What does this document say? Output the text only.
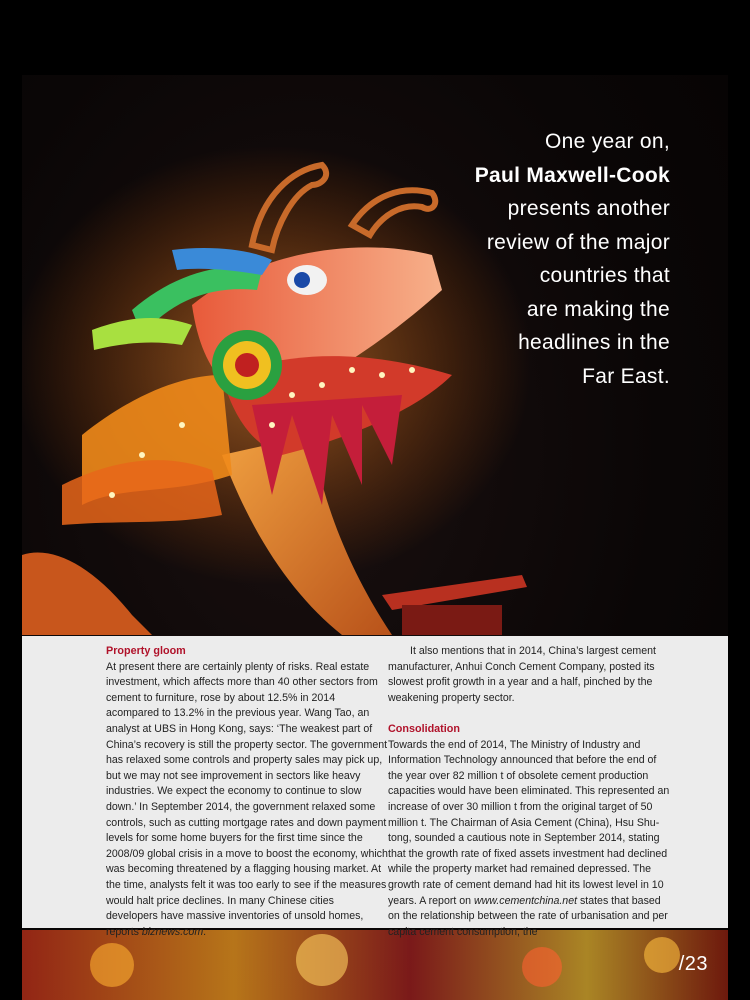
One year on,
Paul Maxwell-Cook
presents another
review of the major
countries that
are making the
headlines in the
Far East.
Property gloom

At present there are certainly plenty of risks. Real estate investment, which affects more than 40 other sectors from cement to furniture, rose by about 12.5% in 2014 acompared to 13.2% in the previous year. Wang Tao, an analyst at UBS in Hong Kong, says: ‘The weakest part of China’s recovery is still the property sector. The government has relaxed some controls and property sales may pick up, but we may not see improvement in sectors like heavy industries. We expect the economy to continue to slow down.’ In September 2014, the government relaxed some controls, such as cutting mortgage rates and down payment levels for some home buyers for the first time since the 2008/09 global crisis in a move to boost the economy, which was becoming threatened by a flagging housing market. At the time, analysts felt it was too early to see if the measures would halt price declines. In many Chinese cities developers have massive inventories of unsold homes, reports biznews.com.

It also mentions that in 2014, China’s largest cement manufacturer, Anhui Conch Cement Company, posted its slowest profit growth in a year and a half, pinched by the weakening property sector.

Consolidation

Towards the end of 2014, The Ministry of Industry and Information Technology announced that before the end of the year over 82 million t of obsolete cement production capacities would have been eliminated. This represented an increase of over 30 million t from the original target of 50 million t. The Chairman of Asia Cement (China), Hsu Shu-tong, sounded a cautious note in September 2014, stating that the growth rate of fixed assets investment had declined while the property market had remained depressed. The growth rate of cement demand had hit its lowest level in 10 years. A report on www.cementchina.net states that based on the relationship between the rate of urbanisation and per capita cement consumption, the

/23
